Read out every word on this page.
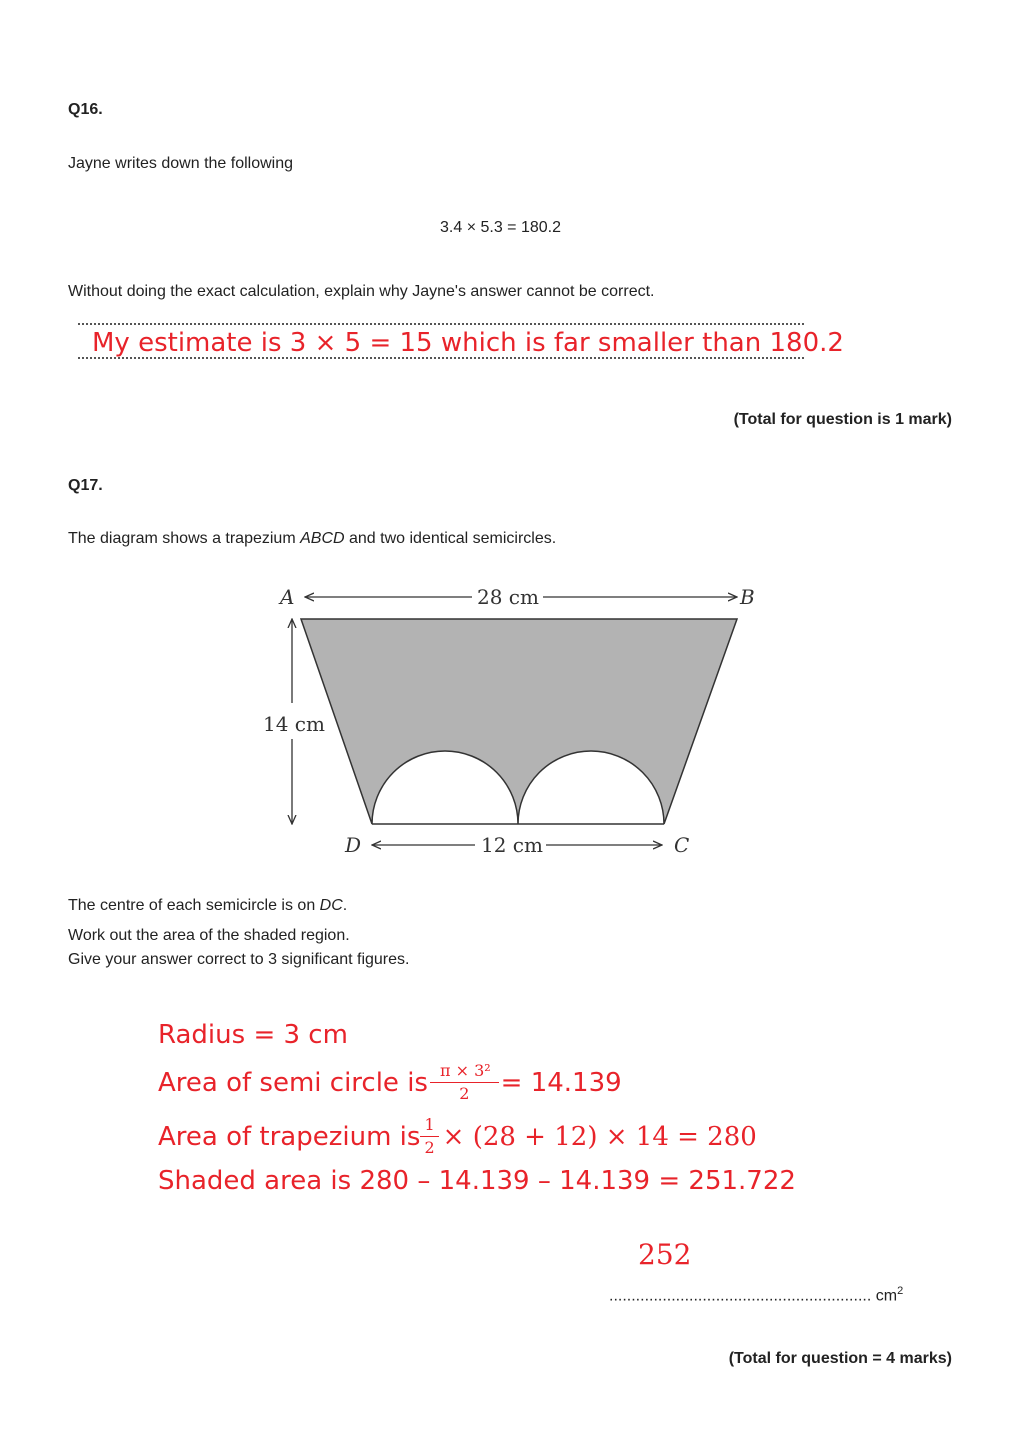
Q16.
Jayne writes down the following
3.4 × 5.3 = 180.2
Without doing the exact calculation, explain why Jayne's answer cannot be correct.
My estimate is 3 × 5 = 15 which is far smaller than 180.2
(Total for question is 1 mark)
Q17.
The diagram shows a trapezium ABCD and two identical semicircles.
A	B
28 cm
14 cm
D	C
12 cm
The centre of each semicircle is on DC.
Work out the area of the shaded region.
Give your answer correct to 3 significant figures.
Radius = 3 cm
Area of semi circle is $\frac{\text{π × 3²}}{2} = 14.139$
Area of trapezium is $\frac{1}{2} \times (28 + 12) \times 14 = 280$
Shaded area is 280 – 14.139 – 14.139 = 251.722
252
........................................................... $cm^2$
(Total for question = 4 marks)
